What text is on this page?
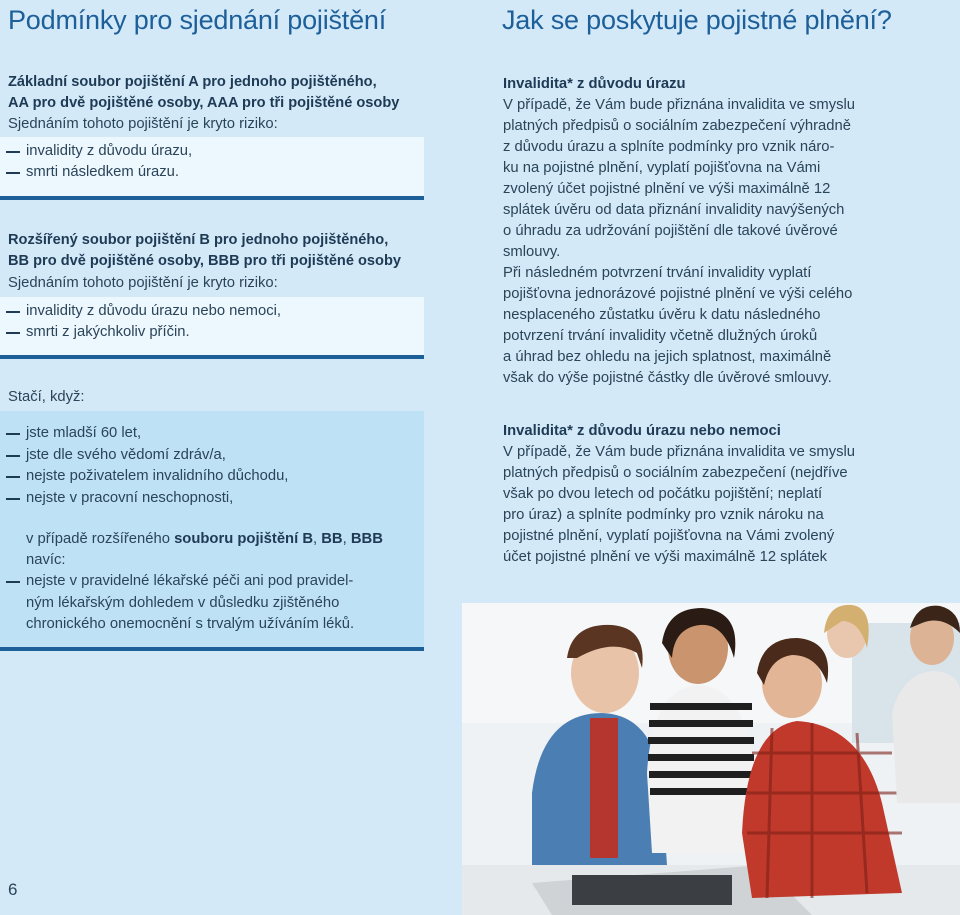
Podmínky pro sjednání pojištění	Jak se poskytuje pojistné plnění?
Základní soubor pojištění A pro jednoho pojištěného,
AA pro dvě pojištěné osoby, AAA pro tři pojištěné osoby

Sjednáním tohoto pojištění je kryto riziko:

invalidity z důvodu úrazu,
smrti následkem úrazu.
Rozšířený soubor pojištění B pro jednoho pojištěného,
BB pro dvě pojištěné osoby, BBB pro tři pojištěné osoby

Sjednáním tohoto pojištění je kryto riziko:

invalidity z důvodu úrazu nebo nemoci,
smrti z jakýchkoliv příčin.

Stačí, když:

jste mladší 60 let,
jste dle svého vědomí zdráv/a,
nejste poživatelem invalidního důchodu,
nejste v pracovní neschopnosti,
v případě rozšířeného souboru pojištění B, BB, BBB
navíc:
nejste v pravidelné lékařské péči ani pod pravidel-
ným lékařským dohledem v důsledku zjištěného
chronického onemocnění s trvalým užíváním léků.

Invalidita* z důvodu úrazu

V případě, že Vám bude přiznána invalidita ve smyslu

platných předpisů o sociálním zabezpečení výhradně

z důvodu úrazu a splníte podmínky pro vznik náro-

ku na pojistné plnění, vyplatí pojišťovna na Vámi

zvolený účet pojistné plnění ve výši maximálně 12

splátek úvěru od data přiznání invalidity navýšených

o úhradu za udržování pojištění dle takové úvěrové

smlouvy.

Při následném potvrzení trvání invalidity vyplatí

pojišťovna jednorázové pojistné plnění ve výši celého

nesplaceného zůstatku úvěru k datu následného

potvrzení trvání invalidity včetně dlužných úroků

a úhrad bez ohledu na jejich splatnost, maximálně

však do výše pojistné částky dle úvěrové smlouvy.

Invalidita* z důvodu úrazu nebo nemoci

V případě, že Vám bude přiznána invalidita ve smyslu

platných předpisů o sociálním zabezpečení (nejdříve

však po dvou letech od počátku pojištění; neplatí

pro úraz) a splníte podmínky pro vznik nároku na

pojistné plnění, vyplatí pojišťovna na Vámi zvolený

účet pojistné plnění ve výši maximálně 12 splátek

6
